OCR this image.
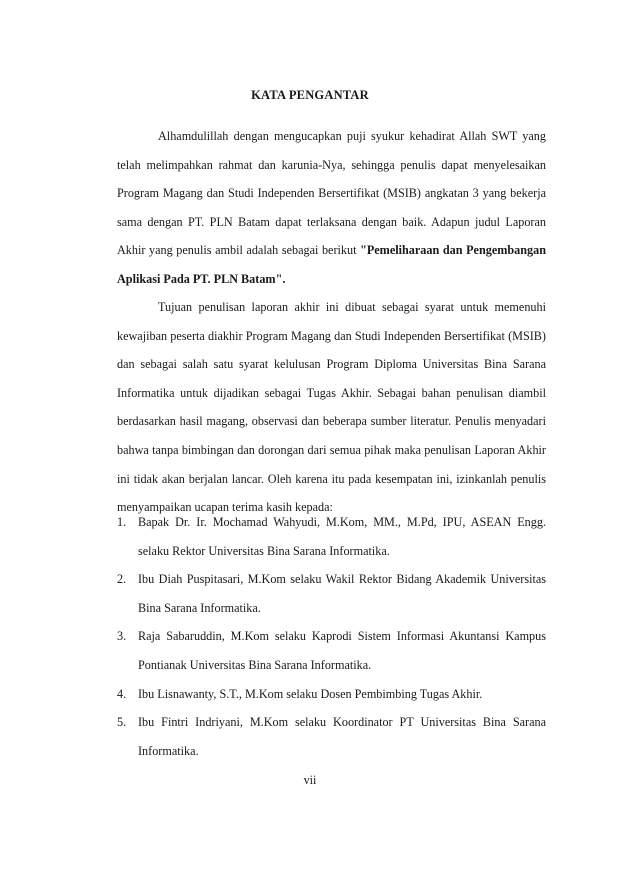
KATA PENGANTAR

Alhamdulillah dengan mengucapkan puji syukur kehadirat Allah SWT yang telah melimpahkan rahmat dan karunia-Nya, sehingga penulis dapat menyelesaikan Program Magang dan Studi Independen Bersertifikat (MSIB) angkatan 3 yang bekerja sama dengan PT. PLN Batam dapat terlaksana dengan baik. Adapun judul Laporan Akhir yang penulis ambil adalah sebagai berikut "Pemeliharaan dan Pengembangan Aplikasi Pada PT. PLN Batam".

Tujuan penulisan laporan akhir ini dibuat sebagai syarat untuk memenuhi kewajiban peserta diakhir Program Magang dan Studi Independen Bersertifikat (MSIB) dan sebagai salah satu syarat kelulusan Program Diploma Universitas Bina Sarana Informatika untuk dijadikan sebagai Tugas Akhir. Sebagai bahan penulisan diambil berdasarkan hasil magang, observasi dan beberapa sumber literatur. Penulis menyadari bahwa tanpa bimbingan dan dorongan dari semua pihak maka penulisan Laporan Akhir ini tidak akan berjalan lancar. Oleh karena itu pada kesempatan ini, izinkanlah penulis menyampaikan ucapan terima kasih kepada:

1. Bapak Dr. Ir. Mochamad Wahyudi, M.Kom, MM., M.Pd, IPU, ASEAN Engg. selaku Rektor Universitas Bina Sarana Informatika.
2. Ibu Diah Puspitasari, M.Kom selaku Wakil Rektor Bidang Akademik Universitas Bina Sarana Informatika.
3. Raja Sabaruddin, M.Kom selaku Kaprodi Sistem Informasi Akuntansi Kampus Pontianak Universitas Bina Sarana Informatika.
4. Ibu Lisnawanty, S.T., M.Kom selaku Dosen Pembimbing Tugas Akhir.
5. Ibu Fintri Indriyani, M.Kom selaku Koordinator PT Universitas Bina Sarana Informatika.
vii
